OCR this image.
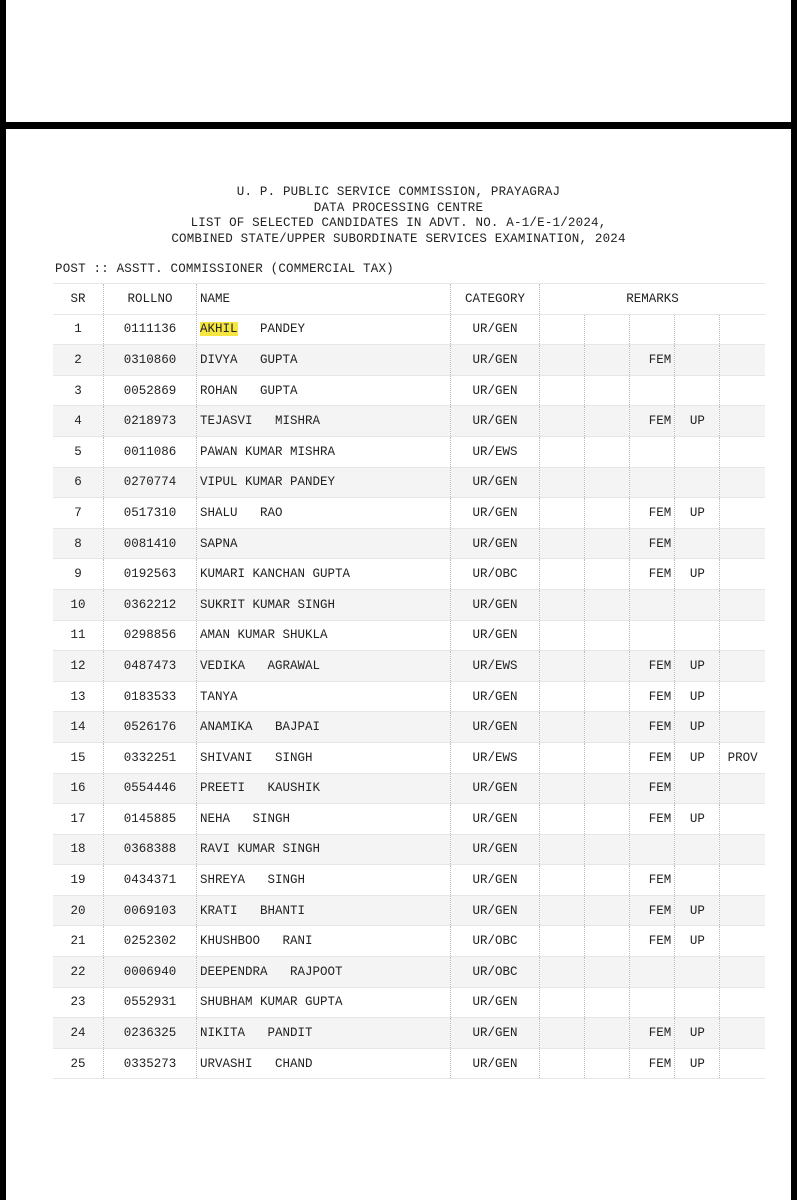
U. P. PUBLIC SERVICE COMMISSION, PRAYAGRAJ
DATA PROCESSING CENTRE
LIST OF SELECTED CANDIDATES IN ADVT. NO. A-1/E-1/2024,
COMBINED STATE/UPPER SUBORDINATE SERVICES EXAMINATION, 2024
POST :: ASSTT. COMMISSIONER (COMMERCIAL TAX)
SR	ROLLNO	NAME	CATEGORY	REMARKS				
1	0111136	AKHIL   PANDEY	UR/GEN					
2	0310860	DIVYA   GUPTA	UR/GEN			FEM		
3	0052869	ROHAN   GUPTA	UR/GEN					
4	0218973	TEJASVI   MISHRA	UR/GEN			FEM	UP	
5	0011086	PAWAN KUMAR MISHRA	UR/EWS					
6	0270774	VIPUL KUMAR PANDEY	UR/GEN					
7	0517310	SHALU   RAO	UR/GEN			FEM	UP	
8	0081410	SAPNA	UR/GEN			FEM		
9	0192563	KUMARI KANCHAN GUPTA	UR/OBC			FEM	UP	
10	0362212	SUKRIT KUMAR SINGH	UR/GEN					
11	0298856	AMAN KUMAR SHUKLA	UR/GEN					
12	0487473	VEDIKA   AGRAWAL	UR/EWS			FEM	UP	
13	0183533	TANYA	UR/GEN			FEM	UP	
14	0526176	ANAMIKA   BAJPAI	UR/GEN			FEM	UP	
15	0332251	SHIVANI   SINGH	UR/EWS			FEM	UP	PROV
16	0554446	PREETI   KAUSHIK	UR/GEN			FEM		
17	0145885	NEHA   SINGH	UR/GEN			FEM	UP	
18	0368388	RAVI KUMAR SINGH	UR/GEN					
19	0434371	SHREYA   SINGH	UR/GEN			FEM		
20	0069103	KRATI   BHANTI	UR/GEN			FEM	UP	
21	0252302	KHUSHBOO   RANI	UR/OBC			FEM	UP	
22	0006940	DEEPENDRA   RAJPOOT	UR/OBC					
23	0552931	SHUBHAM KUMAR GUPTA	UR/GEN					
24	0236325	NIKITA   PANDIT	UR/GEN			FEM	UP	
25	0335273	URVASHI   CHAND	UR/GEN			FEM	UP	
